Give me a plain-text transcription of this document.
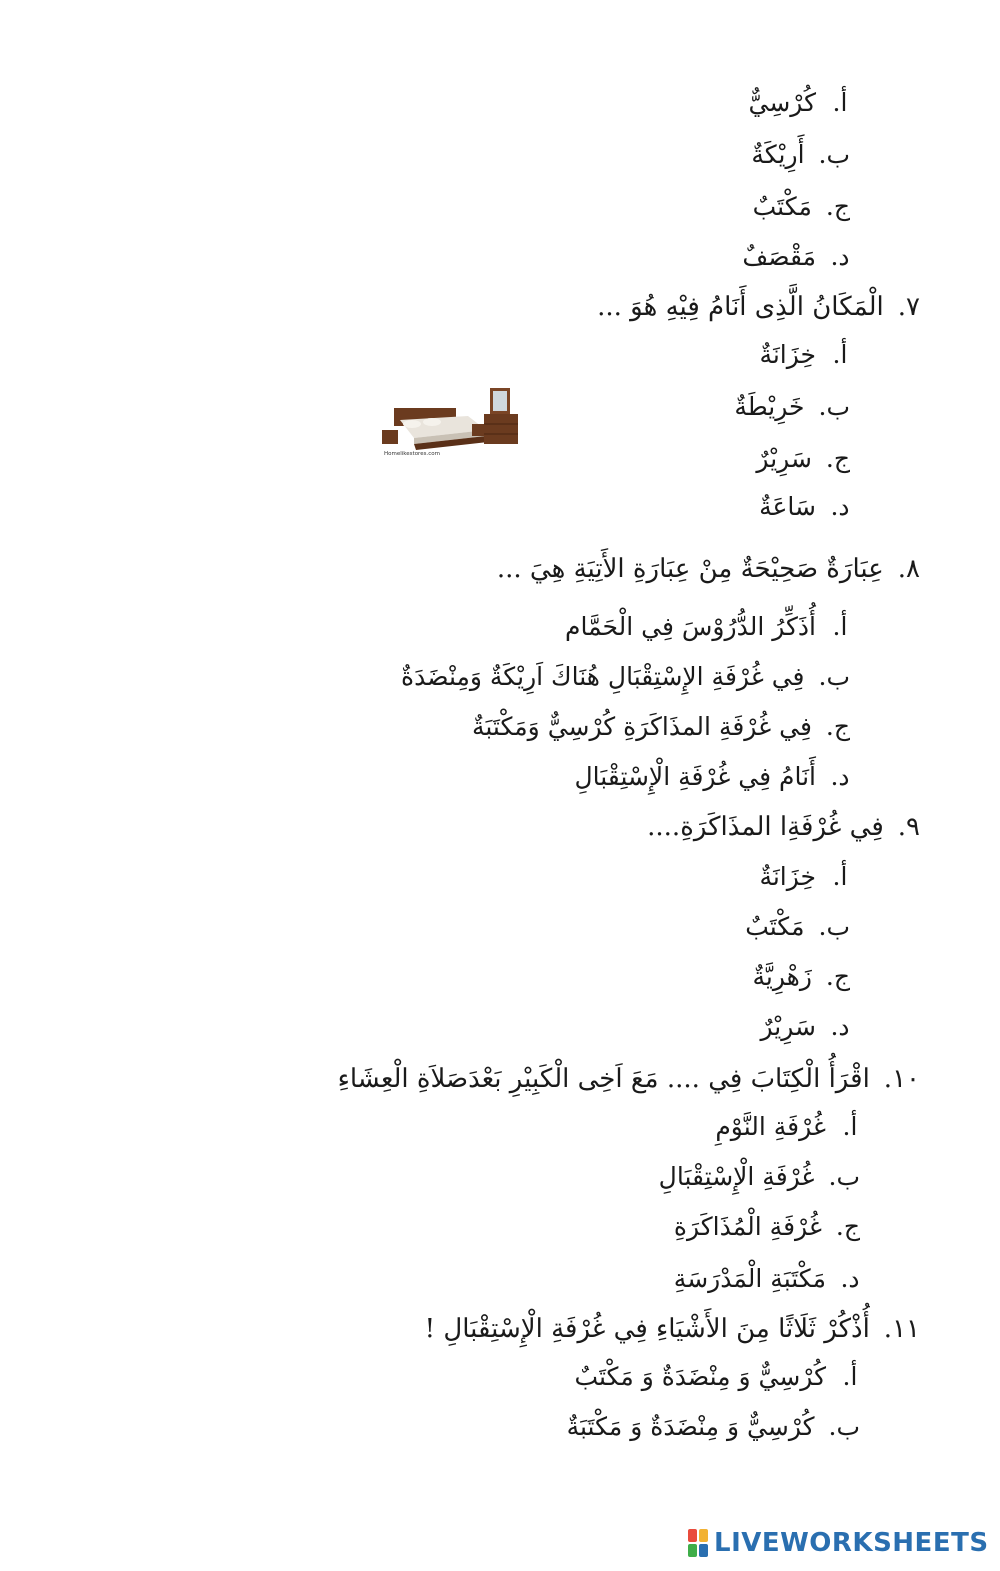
أ.
كُرْسِيٌّ
ب.
أَرِيْكَةٌ
ج.
مَكْتَبٌ
د.
مَقْصَفٌ
٧.
الْمَكَانُ الَّذِى أَنَامُ فِيْهِ هُوَ ...
أ.
خِزَانَةٌ
ب.
خَرِيْطَةٌ
ج.
سَرِيْرٌ
د.
سَاعَةٌ
Homelikestores.com
٨.
عِبَارَةٌ صَحِيْحَةٌ مِنْ عِبَارَةِ الأَتِيَةِ هِيَ ...
أ.
أُذَكِّرُ الدُّرُوْسَ فِي الْحَمَّام
ب.
فِي غُرْفَةِ الإِسْتِقْبَالِ هُنَاكَ اَرِيْكَةٌ وَمِنْضَدَةٌ
ج.
فِي غُرْفَةِ المذَاكَرَةِ كُرْسِيٌّ وَمَكْتَبَةٌ
د.
أَنَامُ فِي غُرْفَةِ الْإِسْتِقْبَالِ
٩.
فِي غُرْفَةِا المذَاكَرَةِ....
أ.
خِزَانَةٌ
ب.
مَكْتَبٌ
ج.
زَهْرِيَّةٌ
د.
سَرِيْرٌ
١٠.
اقْرَأُ الْكِتَابَ فِي .... مَعَ اَخِى الْكَبِيْرِ بَعْدَصَلاَةِ الْعِشَاءِ
أ.
غُرْفَةِ النَّوْمِ
ب.
غُرْفَةِ الْإِسْتِقْبَالِ
ج.
غُرْفَةِ الْمُذَاكَرَةِ
د.
مَكْتَبَةِ الْمَدْرَسَةِ
١١.
أُذْكُرْ ثَلَاثًا مِنَ الأَشْيَاءِ فِي غُرْفَةِ الْإِسْتِقْبَالِ !
أ.
كُرْسِيٌّ وَ مِنْضَدَةٌ وَ مَكْتَبٌ
ب.
كُرْسِيٌّ وَ مِنْضَدَةٌ وَ مَكْتَبَةٌ
LIVEWORKSHEETS
